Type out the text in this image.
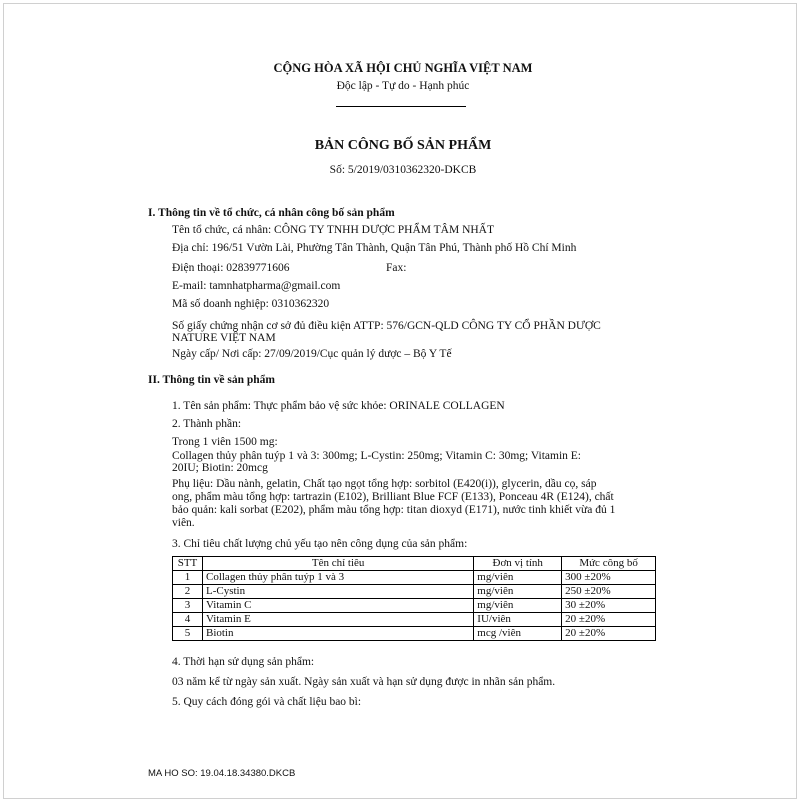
CỘNG HÒA XÃ HỘI CHỦ NGHĨA VIỆT NAM
Độc lập - Tự do - Hạnh phúc
BẢN CÔNG BỐ SẢN PHẨM
Số: 5/2019/0310362320-DKCB
I. Thông tin về tổ chức, cá nhân công bố sản phẩm
Tên tổ chức, cá nhân: CÔNG TY TNHH DƯỢC PHẨM TÂM NHẤT
Địa chỉ: 196/51 Vườn Lài, Phường Tân Thành, Quận Tân Phú, Thành phố Hồ Chí Minh
Điện thoại: 02839771606	Fax:
E-mail: tamnhatpharma@gmail.com
Mã số doanh nghiệp: 0310362320
Số giấy chứng nhận cơ sở đủ điều kiện ATTP: 576/GCN-QLD CÔNG TY CỔ PHẦN DƯỢC
NATURE VIỆT NAM
Ngày cấp/ Nơi cấp: 27/09/2019/Cục quản lý dược – Bộ Y Tế
II. Thông tin về sản phẩm
1. Tên sản phẩm: Thực phẩm bảo vệ sức khỏe: ORINALE COLLAGEN
2. Thành phần:
Trong 1 viên 1500 mg:
Collagen thủy phân tuýp 1 và 3: 300mg; L-Cystin: 250mg; Vitamin C: 30mg; Vitamin E:
20IU; Biotin: 20mcg
Phụ liệu: Dầu nành, gelatin, Chất tạo ngọt tổng hợp: sorbitol (E420(i)), glycerin, dầu cọ, sáp
ong, phẩm màu tổng hợp: tartrazin (E102), Brilliant Blue FCF (E133), Ponceau 4R (E124), chất
bảo quản: kali sorbat (E202), phẩm màu tổng hợp: titan dioxyd (E171), nước tinh khiết vừa đủ 1
viên.
3. Chỉ tiêu chất lượng chủ yếu tạo nên công dụng của sản phẩm:
STT	Tên chỉ tiêu	Đơn vị tính	Mức công bố
1	Collagen thủy phân tuýp 1 và 3	mg/viên	300 ±20%
2	L-Cystin	mg/viên	250 ±20%
3	Vitamin C	mg/viên	30 ±20%
4	Vitamin E	IU/viên	20 ±20%
5	Biotin	mcg /viên	20 ±20%
4. Thời hạn sử dụng sản phẩm:
03 năm kể từ ngày sản xuất. Ngày sản xuất và hạn sử dụng được in nhãn sản phẩm.
5. Quy cách đóng gói và chất liệu bao bì:
MA HO SO: 19.04.18.34380.DKCB
